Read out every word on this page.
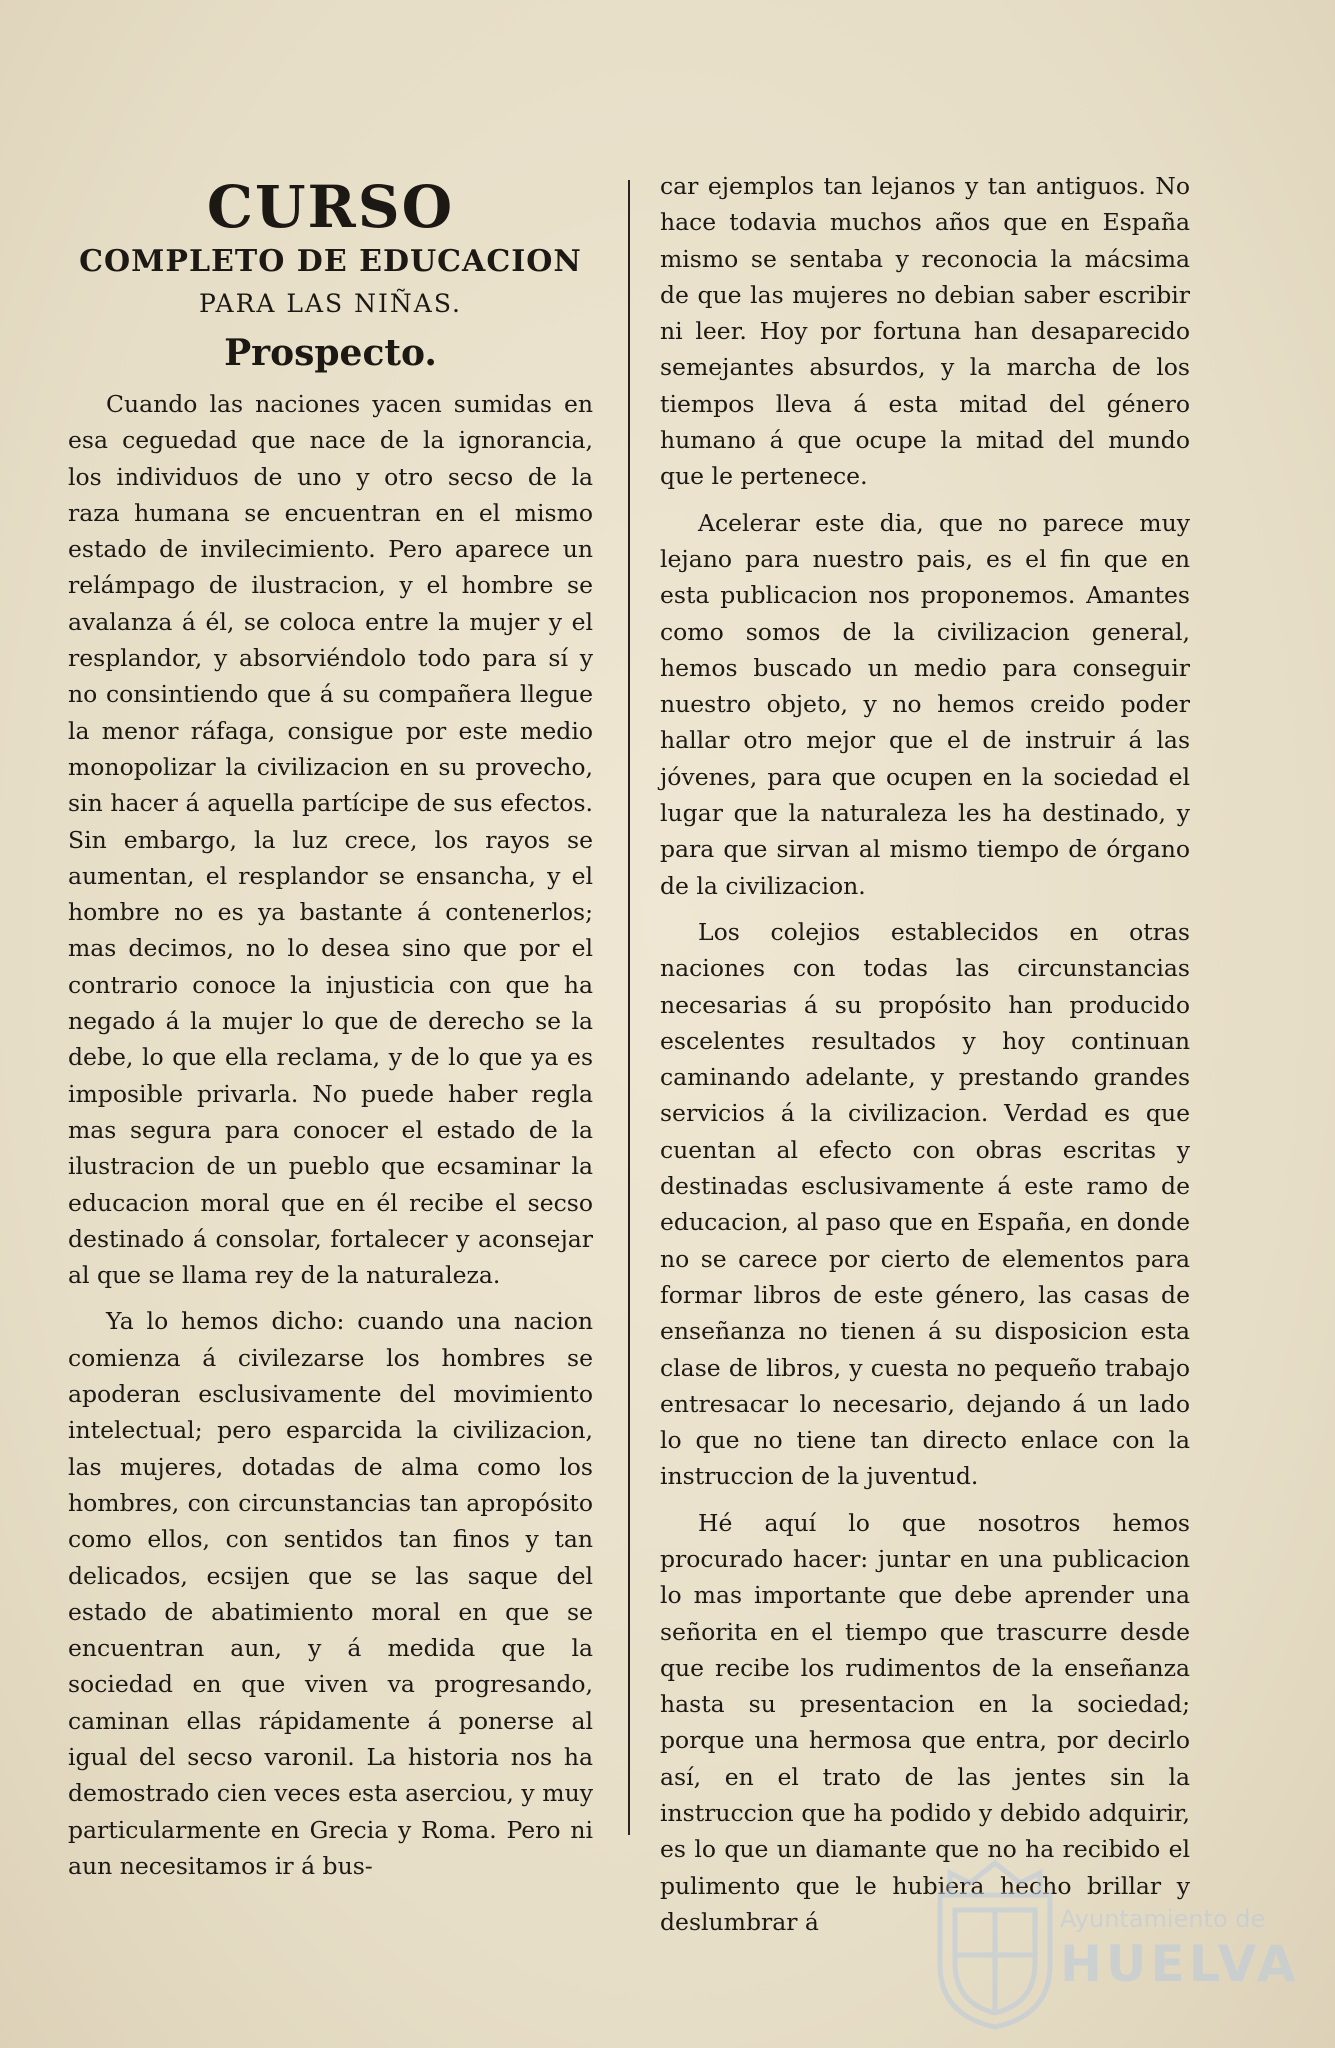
CURSO
COMPLETO DE EDUCACION
PARA LAS NIÑAS.
Prospecto.

Cuando las naciones yacen sumidas en esa ceguedad que nace de la ignorancia, los individuos de uno y otro secso de la raza humana se encuentran en el mismo estado de invilecimiento. Pero aparece un relámpago de ilustracion, y el hombre se avalanza á él, se coloca entre la mujer y el resplandor, y absorviéndolo todo para sí y no consintiendo que á su compañera llegue la menor ráfaga, consigue por este medio monopolizar la civilizacion en su provecho, sin hacer á aquella partícipe de sus efectos. Sin embargo, la luz crece, los rayos se aumentan, el resplandor se ensancha, y el hombre no es ya bastante á contenerlos; mas decimos, no lo desea sino que por el contrario conoce la injusticia con que ha negado á la mujer lo que de derecho se la debe, lo que ella reclama, y de lo que ya es imposible privarla. No puede haber regla mas segura para conocer el estado de la ilustracion de un pueblo que ecsaminar la educacion moral que en él recibe el secso destinado á consolar, fortalecer y aconsejar al que se llama rey de la naturaleza.

Ya lo hemos dicho: cuando una nacion comienza á civilezarse los hombres se apoderan esclusivamente del movimiento intelectual; pero esparcida la civilizacion, las mujeres, dotadas de alma como los hombres, con circunstancias tan apropósito como ellos, con sentidos tan finos y tan delicados, ecsijen que se las saque del estado de abatimiento moral en que se encuentran aun, y á medida que la sociedad en que viven va progresando, caminan ellas rápidamente á ponerse al igual del secso varonil. La historia nos ha demostrado cien veces esta aserciou, y muy particularmente en Grecia y Roma. Pero ni aun necesitamos ir á bus-

car ejemplos tan lejanos y tan antiguos. No hace todavia muchos años que en España mismo se sentaba y reconocia la mácsima de que las mujeres no debian saber escribir ni leer. Hoy por fortuna han desaparecido semejantes absurdos, y la marcha de los tiempos lleva á esta mitad del género humano á que ocupe la mitad del mundo que le pertenece.

Acelerar este dia, que no parece muy lejano para nuestro pais, es el fin que en esta publicacion nos proponemos. Amantes como somos de la civilizacion general, hemos buscado un medio para conseguir nuestro objeto, y no hemos creido poder hallar otro mejor que el de instruir á las jóvenes, para que ocupen en la sociedad el lugar que la naturaleza les ha destinado, y para que sirvan al mismo tiempo de órgano de la civilizacion.

Los colejios establecidos en otras naciones con todas las circunstancias necesarias á su propósito han producido escelentes resultados y hoy continuan caminando adelante, y prestando grandes servicios á la civilizacion. Verdad es que cuentan al efecto con obras escritas y destinadas esclusivamente á este ramo de educacion, al paso que en España, en donde no se carece por cierto de elementos para formar libros de este género, las casas de enseñanza no tienen á su disposicion esta clase de libros, y cuesta no pequeño trabajo entresacar lo necesario, dejando á un lado lo que no tiene tan directo enlace con la instruccion de la juventud.

Hé aquí lo que nosotros hemos procurado hacer: juntar en una publicacion lo mas importante que debe aprender una señorita en el tiempo que trascurre desde que recibe los rudimentos de la enseñanza hasta su presentacion en la sociedad; porque una hermosa que entra, por decirlo así, en el trato de las jentes sin la instruccion que ha podido y debido adquirir, es lo que un diamante que no ha recibido el pulimento que le hubiera hecho brillar y deslumbrar á	Ayuntamiento de
HUELVA
